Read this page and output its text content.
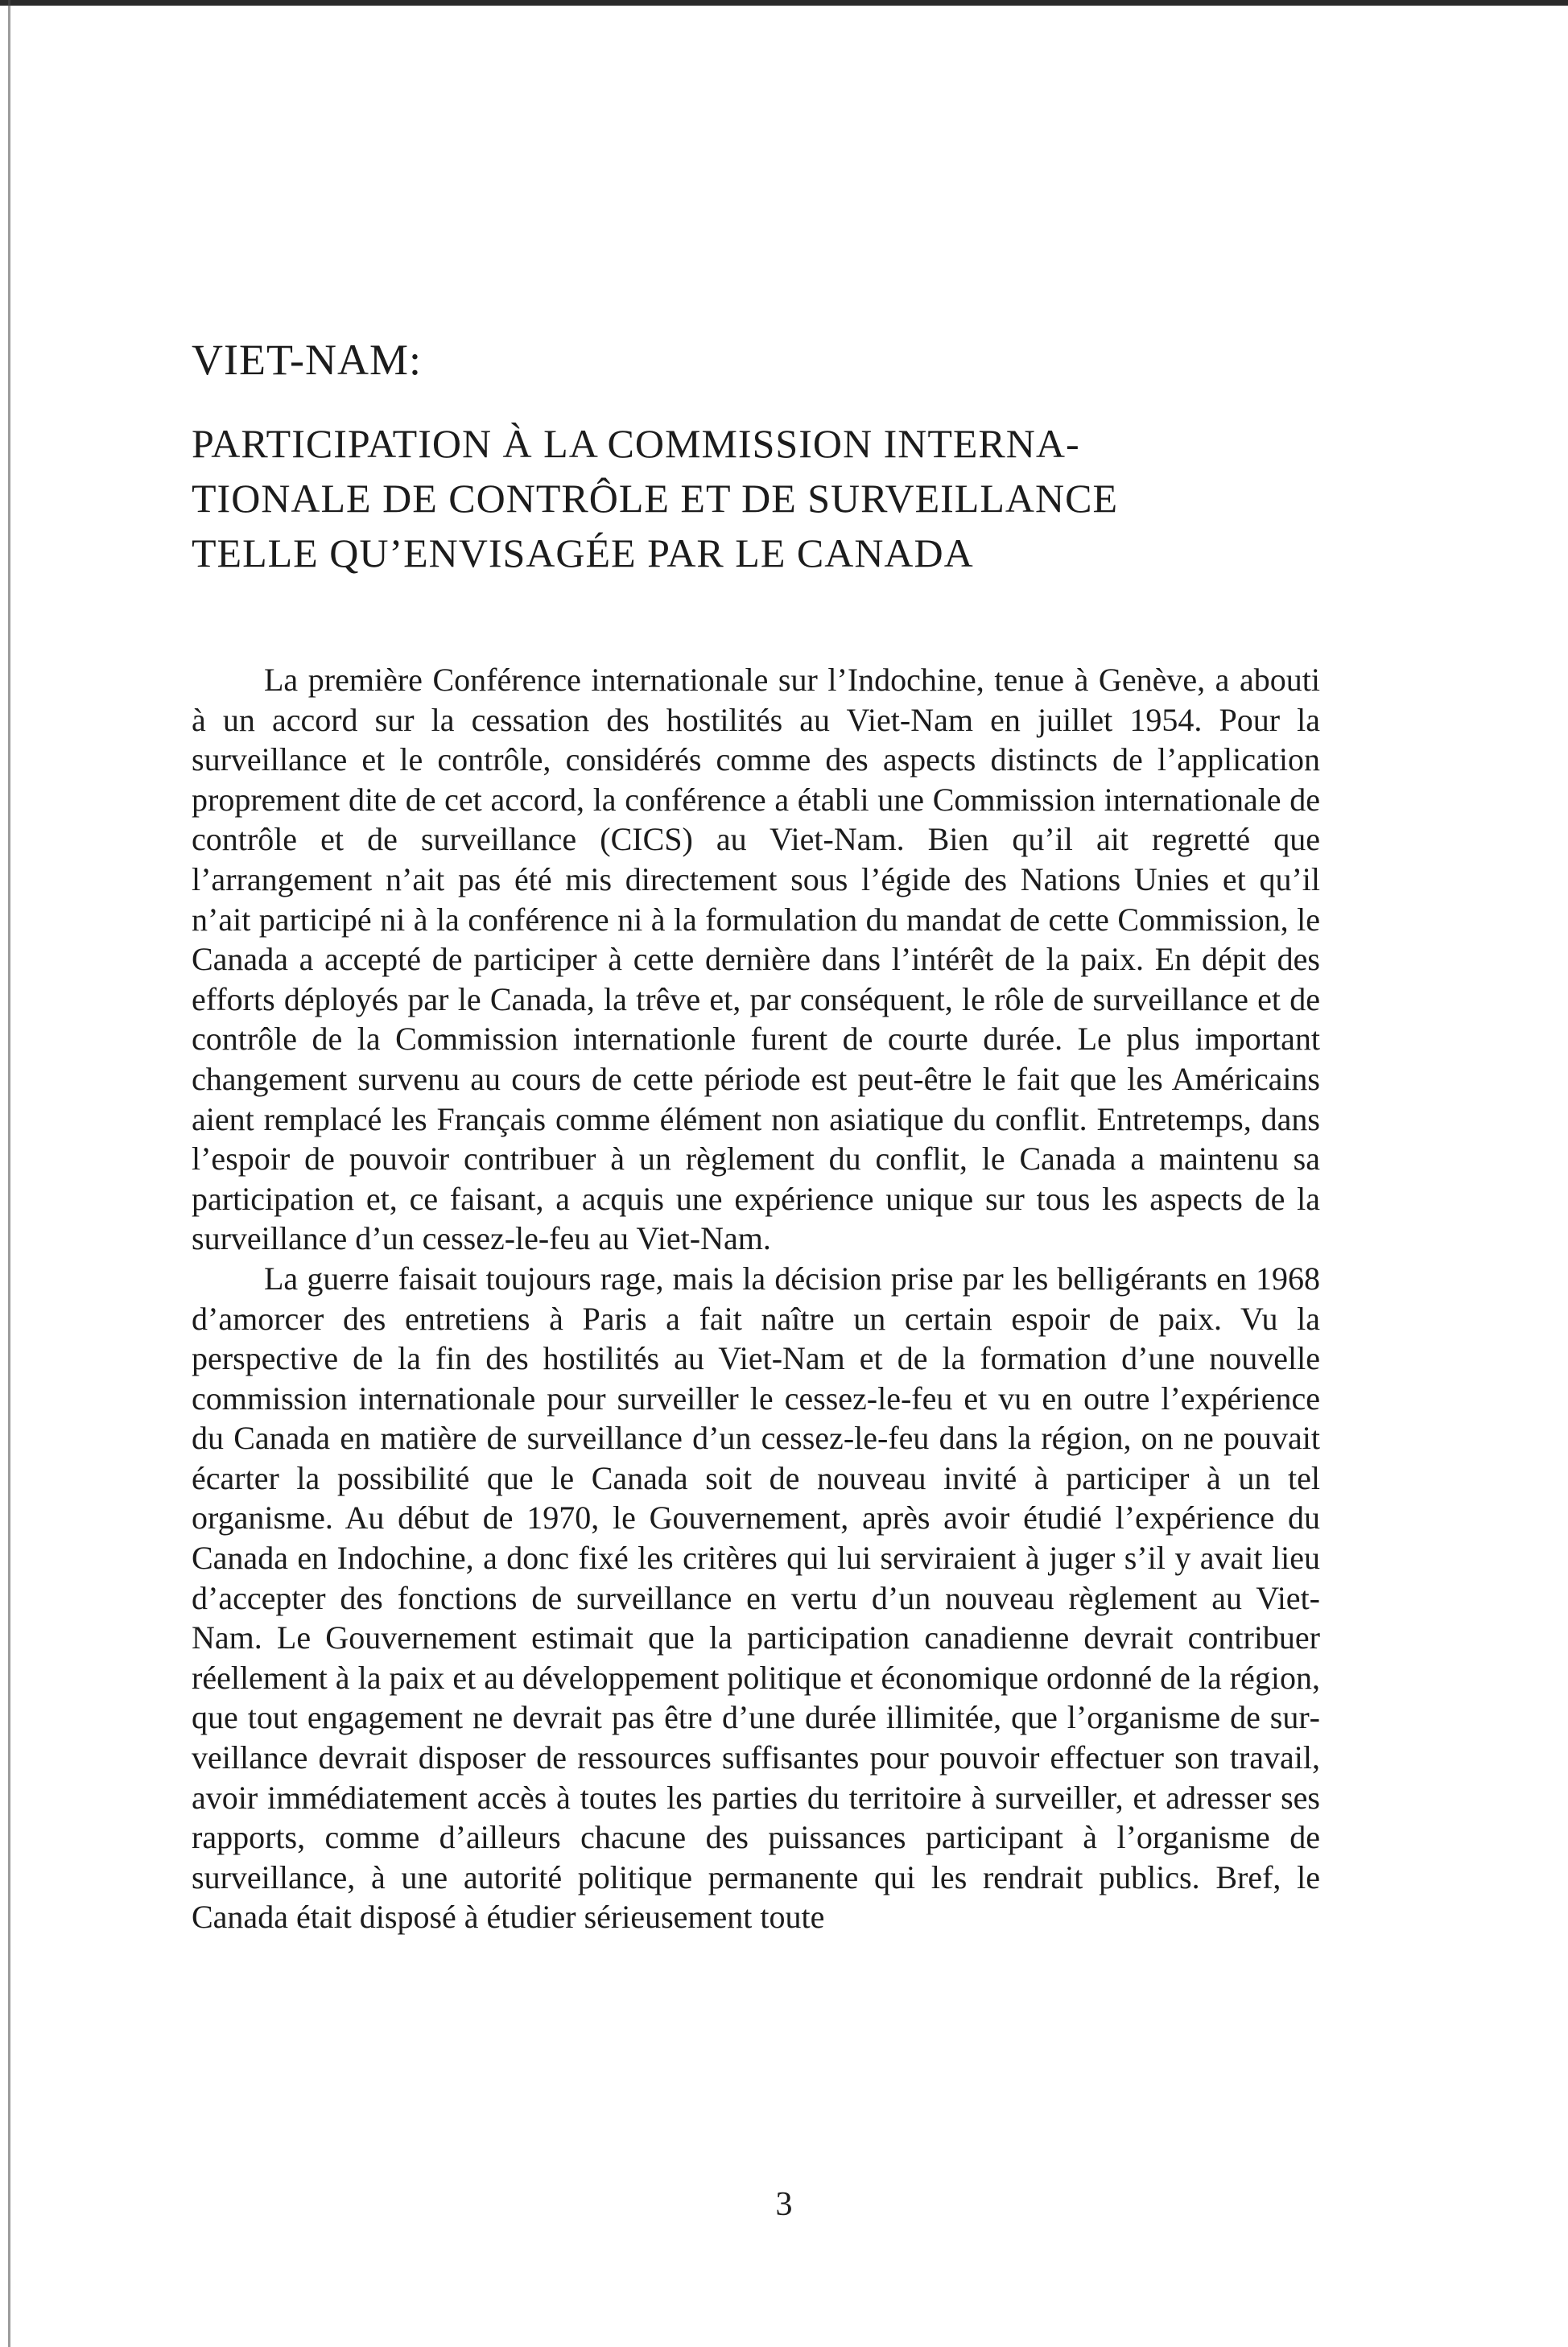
VIET-NAM:
PARTICIPATION À LA COMMISSION INTERNA-
TIONALE DE CONTRÔLE ET DE SURVEILLANCE
TELLE QU’ENVISAGÉE PAR LE CANADA

La première Conférence internationale sur l’Indochine, tenue à Genève, a abouti à un accord sur la cessation des hostilités au Viet-Nam en juillet 1954. Pour la surveillance et le contrôle, considérés comme des aspects distincts de l’application proprement dite de cet accord, la conférence a établi une Commission internationale de contrôle et de surveillance (CICS) au Viet-Nam. Bien qu’il ait regretté que l’arrangement n’ait pas été mis directement sous l’égide des Nations Unies et qu’il n’ait participé ni à la conférence ni à la formulation du mandat de cette Commission, le Canada a accepté de participer à cette dernière dans l’intérêt de la paix. En dépit des efforts déployés par le Canada, la trêve et, par conséquent, le rôle de surveillance et de contrôle de la Commission internationle furent de courte durée. Le plus important changement survenu au cours de cette période est peut-être le fait que les Américains aient remplacé les Français comme élément non asiatique du conflit. Entretemps, dans l’espoir de pouvoir contribuer à un règlement du conflit, le Canada a maintenu sa participation et, ce faisant, a acquis une expérience unique sur tous les aspects de la surveillance d’un cessez-le-feu au Viet-Nam.

La guerre faisait toujours rage, mais la décision prise par les belligérants en 1968 d’amorcer des entretiens à Paris a fait naître un certain espoir de paix. Vu la perspective de la fin des hostilités au Viet-Nam et de la formation d’une nouvelle commission internationale pour surveiller le cessez-le-feu et vu en outre l’expérience du Canada en matière de surveillance d’un cessez-le-feu dans la région, on ne pouvait écarter la possibilité que le Canada soit de nouveau invité à participer à un tel organisme. Au début de 1970, le Gouvernement, après avoir étudié l’expérience du Canada en Indochine, a donc fixé les critères qui lui serviraient à juger s’il y avait lieu d’accepter des fonctions de surveillance en vertu d’un nouveau règlement au Viet-Nam. Le Gouvernement estimait que la participation canadienne devrait contribuer réellement à la paix et au développement politique et économique ordonné de la région, que tout engagement ne devrait pas être d’une durée illimitée, que l’organisme de surveillance devrait disposer de ressources suffisantes pour pouvoir effectuer son travail, avoir immédiatement accès à toutes les parties du territoire à surveiller, et adresser ses rapports, comme d’ailleurs chacune des puissances participant à l’organisme de surveillance, à une autorité politique permanente qui les rendrait publics. Bref, le Canada était disposé à étudier sérieusement toute

3
